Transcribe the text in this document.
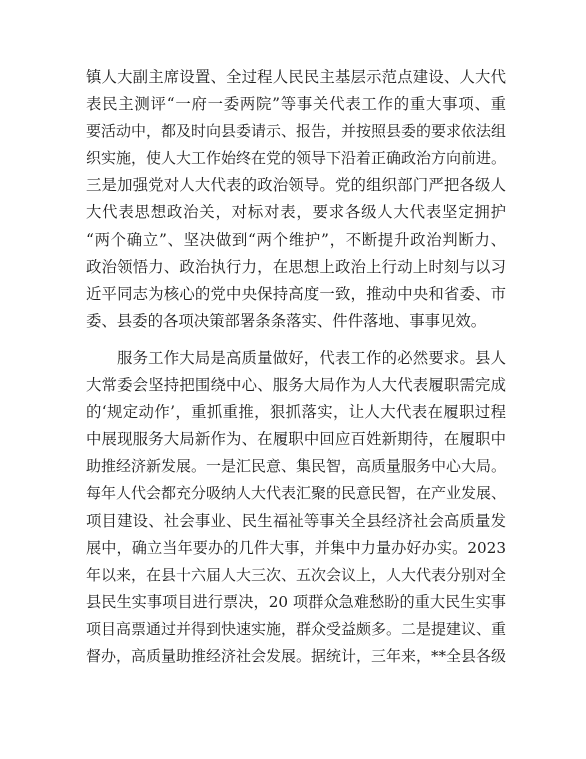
镇人大副主席设置、全过程人民民主基层示范点建设、人大代
表民主测评“一府一委两院”等事关代表工作的重大事项、重
要活动中，都及时向县委请示、报告，并按照县委的要求依法组
织实施，使人大工作始终在党的领导下沿着正确政治方向前进。
三是加强党对人大代表的政治领导。党的组织部门严把各级人
大代表思想政治关，对标对表，要求各级人大代表坚定拥护
“两个确立”、坚决做到“两个维护”，不断提升政治判断力、
政治领悟力、政治执行力，在思想上政治上行动上时刻与以习
近平同志为核心的党中央保持高度一致，推动中央和省委、市
委、县委的各项决策部署条条落实、件件落地、事事见效。
服务工作大局是高质量做好，代表工作的必然要求。县人
大常委会坚持把围绕中心、服务大局作为人大代表履职需完成
的‘规定动作’，重抓重推，狠抓落实，让人大代表在履职过程
中展现服务大局新作为、在履职中回应百姓新期待，在履职中
助推经济新发展。一是汇民意、集民智，高质量服务中心大局。
每年人代会都充分吸纳人大代表汇聚的民意民智，在产业发展、
项目建设、社会事业、民生福祉等事关全县经济社会高质量发
展中，确立当年要办的几件大事，并集中力量办好办实。2023
年以来，在县十六届人大三次、五次会议上，人大代表分别对全
县民生实事项目进行票决，20 项群众急难愁盼的重大民生实事
项目高票通过并得到快速实施，群众受益颇多。二是提建议、重
督办，高质量助推经济社会发展。据统计，三年来，**全县各级
